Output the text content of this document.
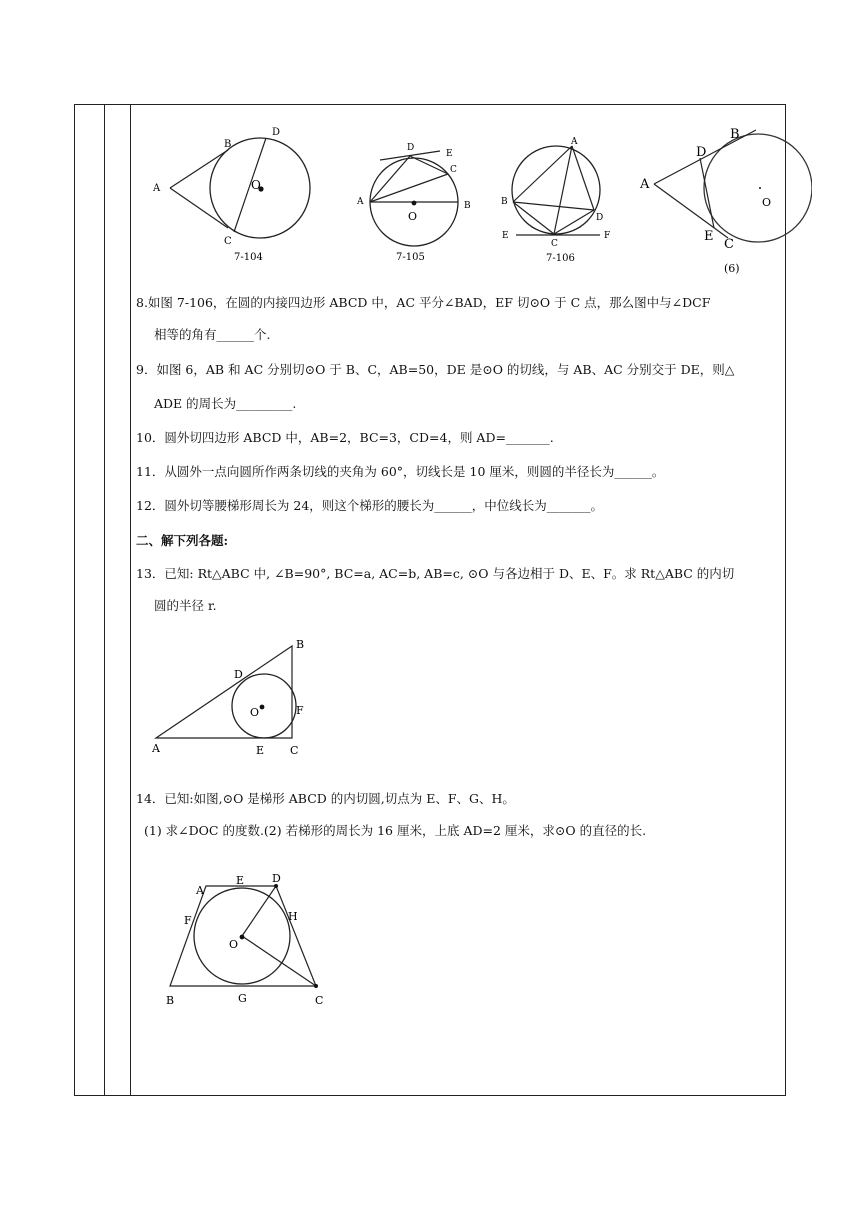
A
B
C
D
O
7-104
A	B
C
D
E
O
7-105
A
B
C
D
E	F
7-106
A
B
C
D
E
O
(6)
8.如图 7-106，在圆的内接四边形 ABCD 中，AC 平分∠BAD，EF 切⊙O 于 C 点，那么图中与∠DCF
相等的角有______个.
9．如图 6，AB 和 AC 分别切⊙O 于 B、C，AB=50，DE 是⊙O 的切线，与 AB、AC 分别交于 DE，则△
ADE 的周长为_________.
10．圆外切四边形 ABCD 中，AB=2，BC=3，CD=4，则 AD=_______.
11．从圆外一点向圆所作两条切线的夹角为 60°，切线长是 10 厘米，则圆的半径长为______。
12．圆外切等腰梯形周长为 24，则这个梯形的腰长为______，中位线长为_______。
二、解下列各题:
13．已知: Rt△ABC 中, ∠B=90°, BC=a, AC=b, AB=c, ⊙O 与各边相于 D、E、F。求 Rt△ABC 的内切
圆的半径 r.
A
B
C
D
E
F
O
14．已知:如图,⊙O 是梯形 ABCD 的内切圆,切点为 E、F、G、H。
(1) 求∠DOC 的度数.(2) 若梯形的周长为 16 厘米，上底 AD=2 厘米，求⊙O 的直径的长.
A
B	C
D
E
F
G
H
O
